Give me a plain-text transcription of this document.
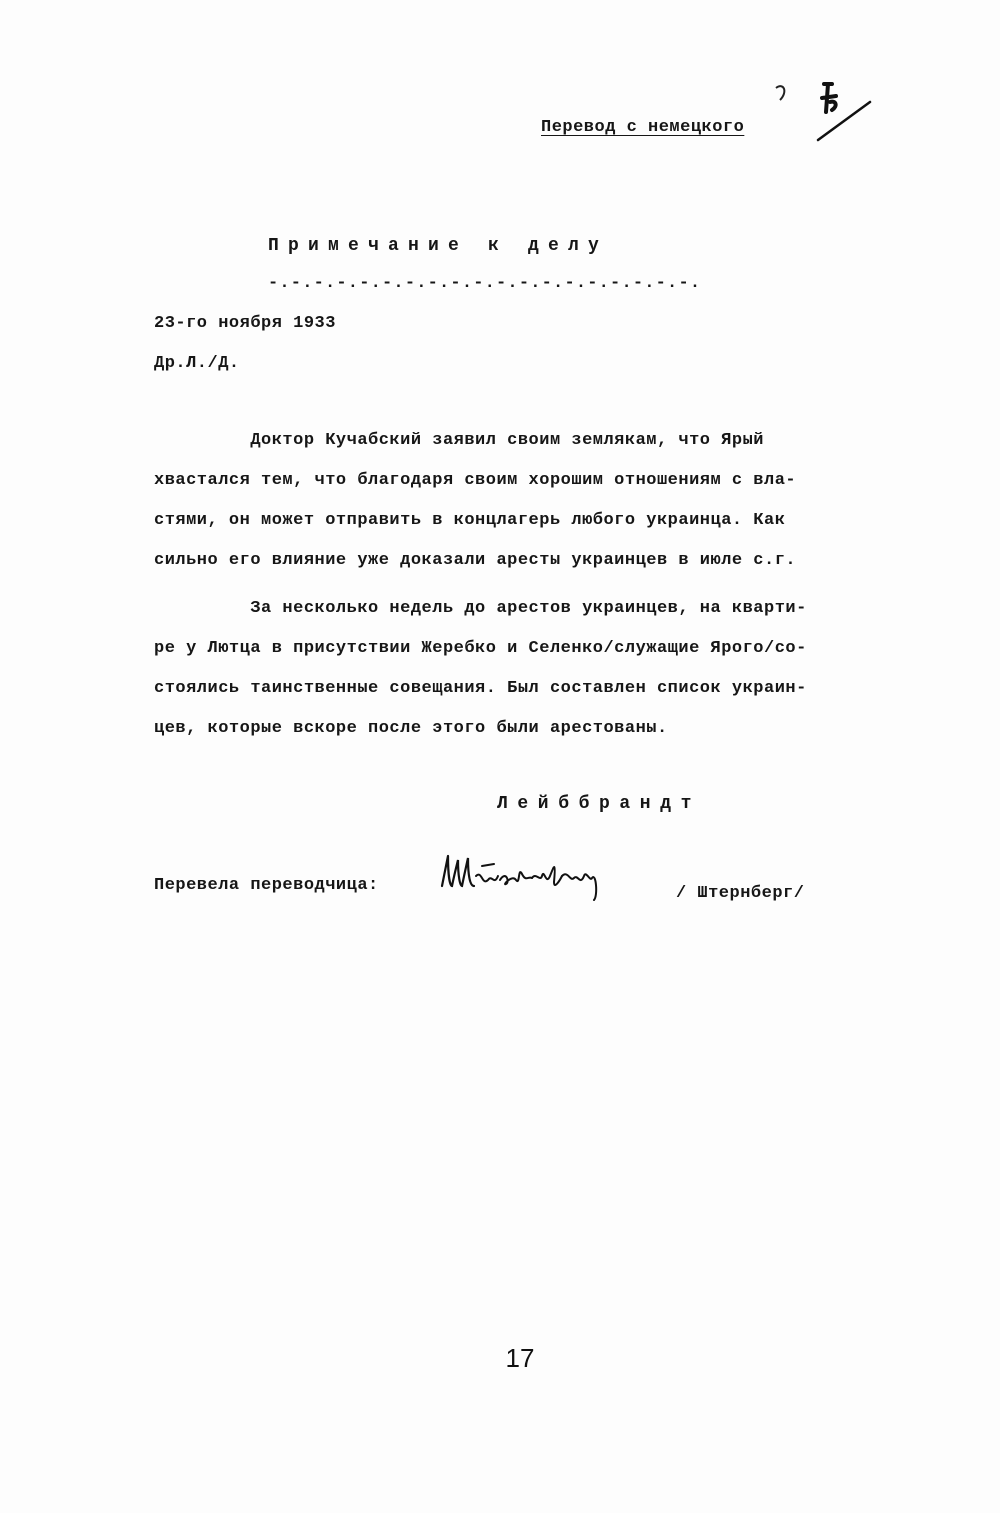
Перевод с немецкого
Примечание к делу
-.-.-.-.-.-.-.-.-.-.-.-.-.-.-.-.-.-.-.
23-го ноября 1933
Др.Л./Д.
Доктор Кучабский заявил своим землякам, что Ярый
хвастался тем, что благодаря своим хорошим отношениям с вла-
стями, он может отправить в концлагерь любого украинца. Как
сильно его влияние уже доказали аресты украинцев в июле с.г.
За несколько недель до арестов украинцев, на кварти-
ре у Лютца в присутствии Жеребко и Селенко/служащие Ярого/со-
стоялись таинственные совещания. Был составлен список украин-
цев, которые вскоре после этого были арестованы.
Лейббрандт
Перевела переводчица:	/ Штернберг/
17
